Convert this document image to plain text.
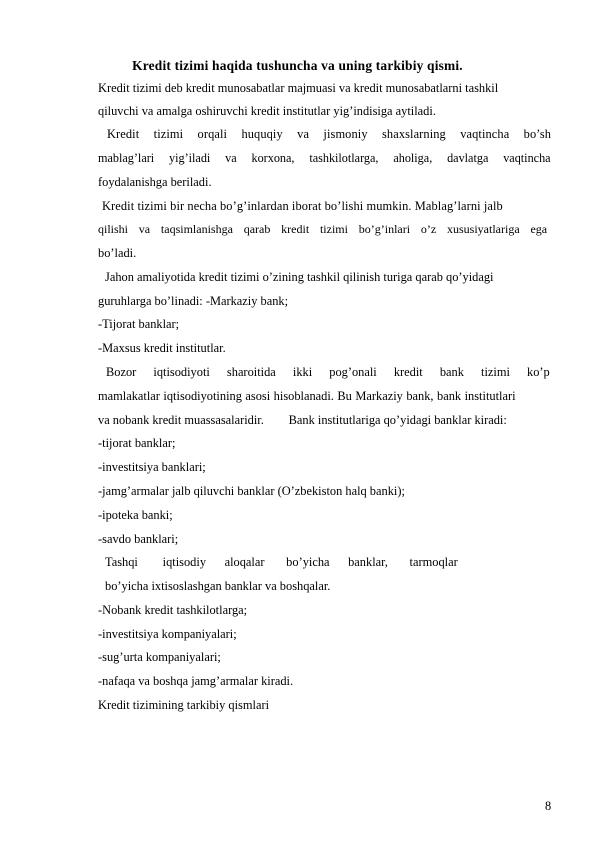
Kredit tizimi haqida tushuncha va uning tarkibiy qismi.
Kredit tizimi deb kredit munosabatlar majmuasi va kredit munosabatlarni tashkil
qiluvchi va amalga oshiruvchi kredit institutlar yig’indisiga aytiladi.
Kredit   tizimi   orqali   huquqiy   va   jismoniy   shaxslarning   vaqtincha   bo’sh
mablag’lari   yig’iladi   va   korxona,   tashkilotlarga,   aholiga,   davlatga   vaqtincha
foydalanishga beriladi.
Kredit tizimi bir necha bo’g’inlardan iborat bo’lishi mumkin. Mablag’larni jalb
qilishi   va   taqsimlanishga   qarab   kredit   tizimi   bo’g’inlari   o’z   xususiyatlariga   ega
bo’ladi.
Jahon amaliyotida kredit tizimi o’zining tashkil qilinish turiga qarab qo’yidagi
guruhlarga bo’linadi: -Markaziy bank;
-Tijorat banklar;
-Maxsus kredit institutlar.
Bozor   iqtisodiyoti   sharoitida   ikki   pog’onali   kredit   bank   tizimi   ko’p
mamlakatlar iqtisodiyotining asosi hisoblanadi. Bu Markaziy bank, bank institutlari
va nobank kredit muassasalaridir.        Bank institutlariga qo’yidagi banklar kiradi:
-tijorat banklar;
-investitsiya banklari;
-jamg’armalar jalb qiluvchi banklar (O’zbekiston halq banki);
-ipoteka banki;
-savdo banklari;
Tashqi        iqtisodiy      aloqalar       bo’yicha      banklar,       tarmoqlar
bo’yicha ixtisoslashgan banklar va boshqalar.
-Nobank kredit tashkilotlarga;
-investitsiya kompaniyalari;
-sug’urta kompaniyalari;
-nafaqa va boshqa jamg’armalar kiradi.
Kredit tizimining tarkibiy qismlari
8
